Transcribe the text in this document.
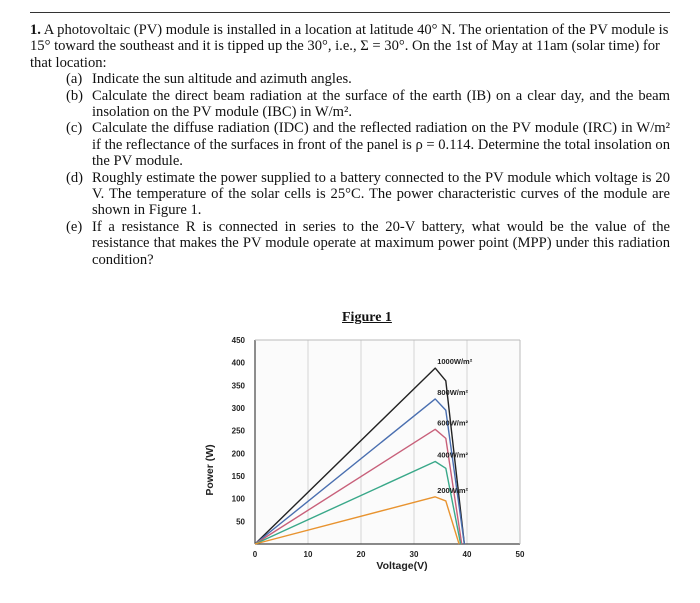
1. A photovoltaic (PV) module is installed in a location at latitude 40° N. The orientation of the PV module is 15° toward the southeast and it is tipped up the 30°, i.e., Σ = 30°. On the 1st of May at 11am (solar time) for that location:
(a) Indicate the sun altitude and azimuth angles.
(b) Calculate the direct beam radiation at the surface of the earth (IB) on a clear day, and the beam insolation on the PV module (IBC) in W/m².
(c) Calculate the diffuse radiation (IDC) and the reflected radiation on the PV module (IRC) in W/m² if the reflectance of the surfaces in front of the panel is ρ = 0.114. Determine the total insolation on the PV module.
(d) Roughly estimate the power supplied to a battery connected to the PV module which voltage is 20 V. The temperature of the solar cells is 25°C. The power characteristic curves of the module are shown in Figure 1.
(e) If a resistance R is connected in series to the 20-V battery, what would be the value of the resistance that makes the PV module operate at maximum power point (MPP) under this radiation condition?
Figure 1
1000W/m²
800W/m²
600W/m²
400W/m²
200W/m²
0	10	20	30	40	50
50
100
150
200
250
300
350
400
450
Power (W)
Voltage(V)
